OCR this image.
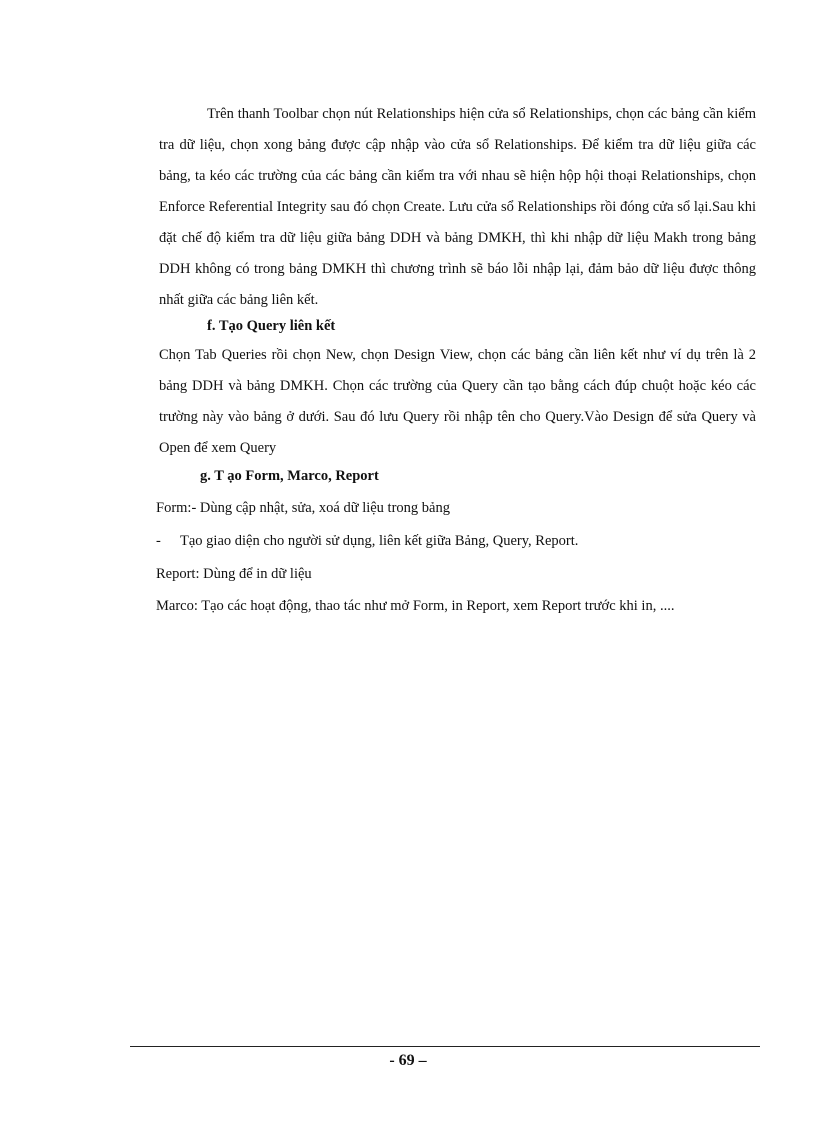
Trên thanh Toolbar chọn nút Relationships hiện cửa sổ Relationships, chọn các bảng cần kiểm tra dữ liệu, chọn xong bảng được cập nhập vào cửa sổ Relationships. Để kiểm tra dữ liệu giữa các bảng, ta kéo các trường của các bảng cần kiểm tra với nhau sẽ hiện hộp hội thoại Relationships, chọn Enforce Referential Integrity sau đó chọn Create. Lưu cửa sổ Relationships rồi đóng cửa sổ lại.Sau khi đặt chế độ kiểm tra dữ liệu giữa bảng DDH và bảng DMKH, thì khi nhập dữ liệu Makh trong bảng DDH không có trong bảng DMKH thì chương trình sẽ báo lỗi nhập lại, đảm bảo dữ liệu được thông nhất giữa các bảng liên kết.

f. Tạo Query liên kết

Chọn Tab Queries rồi chọn New, chọn Design View, chọn các bảng cần liên kết như ví dụ trên là 2 bảng DDH và bảng DMKH. Chọn các trường của Query cần tạo bằng cách đúp chuột hoặc kéo các trường này vào bảng ở dưới. Sau đó lưu Query rồi nhập tên cho Query.Vào Design để sửa Query và Open để xem Query

g. T ạo Form, Marco, Report

Form:- Dùng cập nhật, sửa, xoá dữ liệu trong bảng

- Tạo giao diện cho người sử dụng, liên kết giữa Bảng, Query, Report.

Report: Dùng để in dữ liệu

Marco: Tạo các hoạt động, thao tác như mở Form, in Report, xem Report trước khi in, ....

- 69 –
